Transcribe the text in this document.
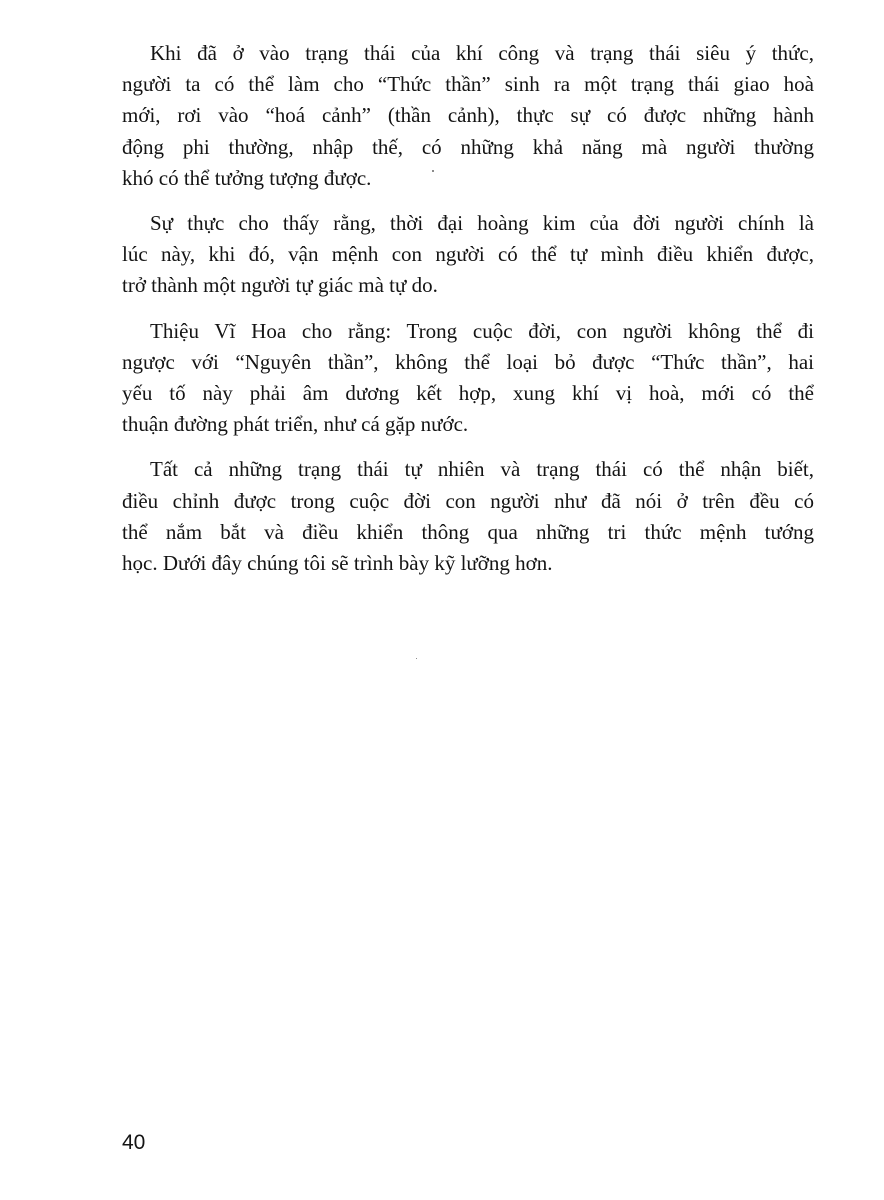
Khi đã ở vào trạng thái của khí công và trạng thái siêu ý thức,
người ta có thể làm cho “Thức thần” sinh ra một trạng thái giao hoà
mới, rơi vào “hoá cảnh” (thần cảnh), thực sự có được những hành
động phi thường, nhập thế, có những khả năng mà người thường
khó có thể tưởng tượng được.

Sự thực cho thấy rằng, thời đại hoàng kim của đời người chính là
lúc này, khi đó, vận mệnh con người có thể tự mình điều khiển được,
trở thành một người tự giác mà tự do.

Thiệu Vĩ Hoa cho rằng: Trong cuộc đời, con người không thể đi
ngược với “Nguyên thần”, không thể loại bỏ được “Thức thần”, hai
yếu tố này phải âm dương kết hợp, xung khí vị hoà, mới có thể
thuận đường phát triển, như cá gặp nước.

Tất cả những trạng thái tự nhiên và trạng thái có thể nhận biết,
điều chỉnh được trong cuộc đời con người như đã nói ở trên đều có
thể nắm bắt và điều khiển thông qua những tri thức mệnh tướng
học. Dưới đây chúng tôi sẽ trình bày kỹ lưỡng hơn.

40
